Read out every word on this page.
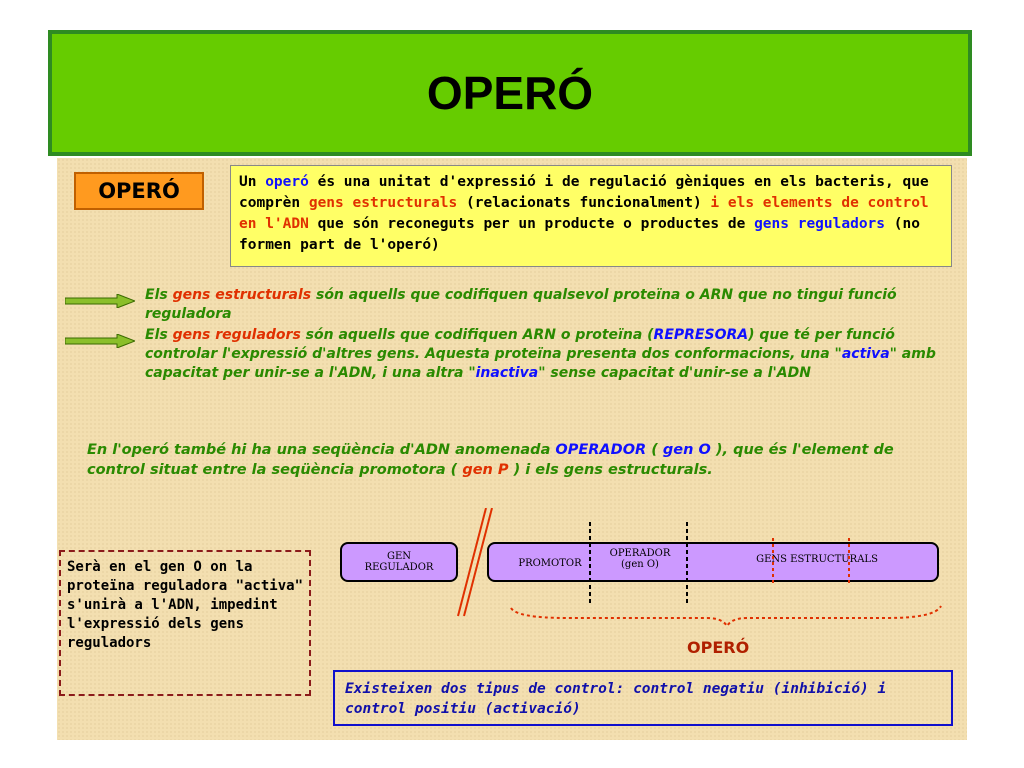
OPERÓ
OPERÓ	Un operó és una unitat d'expressió i de regulació gèniques en els bacteris, que comprèn gens estructurals (relacionats funcionalment) i els elements de control en l'ADN que són reconeguts per un producte o productes de gens reguladors (no formen part de l'operó)
Els gens estructurals són aquells que codifiquen qualsevol proteïna o ARN que no tingui funció reguladora
Els gens reguladors són aquells que codifiquen ARN o proteïna (REPRESORA) que té per funció controlar l'expressió d'altres gens. Aquesta proteïna presenta dos conformacions, una "activa" amb capacitat per unir-se a l'ADN, i una altra "inactiva" sense capacitat d'unir-se a l'ADN
En l'operó també hi ha una seqüència d'ADN anomenada OPERADOR ( gen O ), que és l'element de control situat entre la seqüència promotora ( gen P ) i els gens estructurals.
Serà en el gen O on la proteïna reguladora "activa" s'unirà a l'ADN, impedint l'expressió dels gens reguladors
GEN
REGULADOR	PROMOTOR
OPERADOR
(gen O)	GENS ESTRUCTURALS
OPERÓ
Existeixen dos tipus de control: control negatiu (inhibició) i control positiu (activació)
